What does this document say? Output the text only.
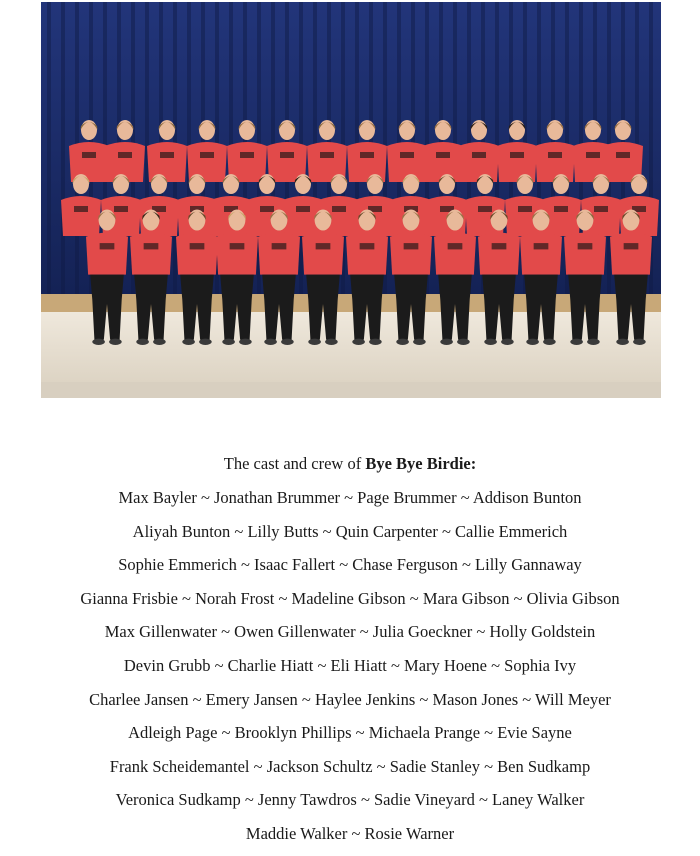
The cast and crew of Bye Bye Birdie:
Max Bayler ~ Jonathan Brummer ~ Page Brummer ~ Addison Bunton
Aliyah Bunton ~ Lilly Butts ~ Quin Carpenter ~ Callie Emmerich
Sophie Emmerich ~ Isaac Fallert ~ Chase Ferguson ~ Lilly Gannaway
Gianna Frisbie ~ Norah Frost ~ Madeline Gibson ~ Mara Gibson ~ Olivia Gibson
Max Gillenwater ~ Owen Gillenwater ~ Julia Goeckner ~ Holly Goldstein
Devin Grubb ~ Charlie Hiatt ~ Eli Hiatt ~ Mary Hoene ~ Sophia Ivy
Charlee Jansen ~ Emery Jansen ~ Haylee Jenkins ~ Mason Jones ~ Will Meyer
Adleigh Page ~ Brooklyn Phillips ~ Michaela Prange ~ Evie Sayne
Frank Scheidemantel ~ Jackson Schultz ~ Sadie Stanley ~ Ben Sudkamp
Veronica Sudkamp ~ Jenny Tawdros ~ Sadie Vineyard ~ Laney Walker
Maddie Walker ~ Rosie Warner
